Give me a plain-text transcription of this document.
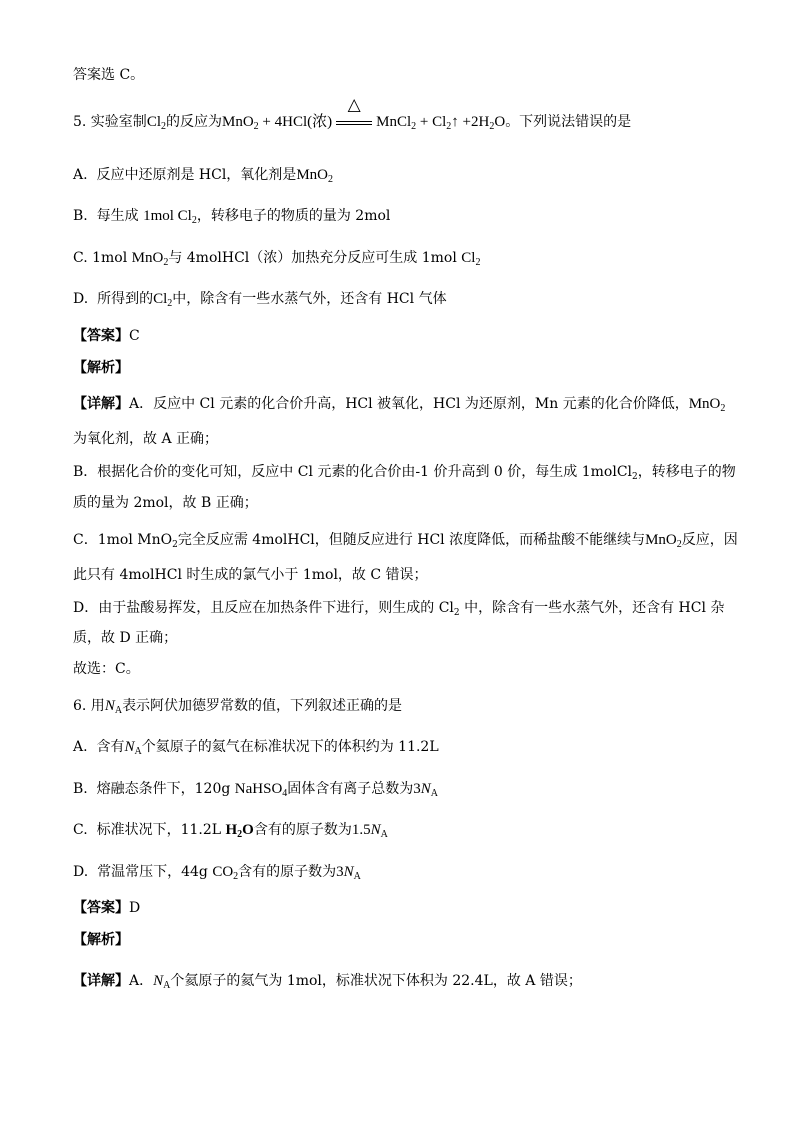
答案选 C。
5. 实验室制$Cl_2$的反应为MnO$_2$ + 4HCl(浓)
△
MnCl$_2$ + $Cl_2↑ +2H_2O$。下列说法错误的是
A.  反应中还原剂是 HCl，氧化剂是MnO$_2$
B.  每生成 1mol $Cl_2$，转移电子的物质的量为 2mol
C. 1mol MnO$_2$与 4molHCl（浓）加热充分反应可生成 1mol $Cl_2$
D.  所得到的$Cl_2$中，除含有一些水蒸气外，还含有 HCl 气体
【答案】C
【解析】
【详解】A．反应中 Cl 元素的化合价升高，HCl 被氧化，HCl 为还原剂，Mn 元素的化合价降低，MnO$_2$
为氧化剂，故 A 正确；
B．根据化合价的变化可知，反应中 Cl 元素的化合价由-1 价升高到 0 价，每生成 1molCl$_2$，转移电子的物
质的量为 2mol，故 B 正确；
C．1mol MnO$_2$完全反应需 4molHCl，但随反应进行 HCl 浓度降低，而稀盐酸不能继续与MnO$_2$反应，因
此只有 4molHCl 时生成的氯气小于 1mol，故 C 错误；
D．由于盐酸易挥发，且反应在加热条件下进行，则生成的 $Cl_2$ 中，除含有一些水蒸气外，还含有 HCl 杂
质，故 D 正确；
故选：C。
6. 用$N_A$表示阿伏加德罗常数的值，下列叙述正确的是
A.  含有$N_A$个氦原子的氦气在标准状况下的体积约为 11.2L
B.  熔融态条件下，120g NaHSO$_4$固体含有离子总数为$3N_A$
C.  标准状况下，11.2L $H_2O$含有的原子数为$1.5N_A$
D.  常温常压下，44g $CO_2$含有的原子数为$3N_A$
【答案】D
【解析】
【详解】A．$N_A$个氦原子的氦气为 1mol，标准状况下体积为 22.4L，故 A 错误；
